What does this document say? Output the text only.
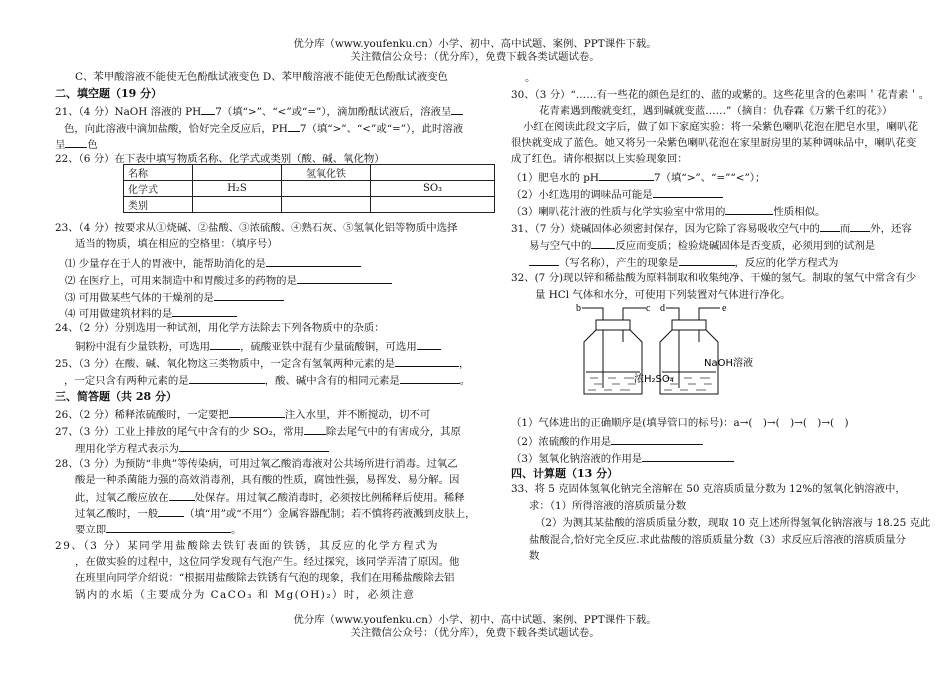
优分库（www.youfenku.cn）小学、初中、高中试题、案例、PPT课件下载。
关注微信公众号：（优分库），免费下载各类试题试卷。
C、苯甲酸溶液不能使无色酚酞试液变色 D、苯甲酸溶液不能使无色酚酞试液变色
二、填空题（19 分）
21、（4 分）NaOH 溶液的 PH 7（填“>”、“<”或“=”），滴加酚酞试液后，溶液呈
色，向此溶液中滴加盐酸，恰好完全反应后，PH 7（填“>”、“<”或“=”），此时溶液
呈 色
22、（6 分）在下表中填写物质名称、化学式或类别（酸、碱、氧化物）
名称		氢氧化铁	
化学式	H₂S		SO₃
类别			
23、（4 分）按要求从①烧碱、②盐酸、③浓硫酸、④熟石灰、⑤氢氧化铝等物质中选择
适当的物质，填在相应的空格里：（填序号）
⑴ 少量存在于人的胃液中，能帮助消化的是
⑵ 在医疗上，可用来制造中和胃酸过多的药物的是
⑶ 可用做某些气体的干燥剂的是
⑷ 可用做建筑材料的是
24、（2 分）分别选用一种试剂，用化学方法除去下列各物质中的杂质：
铜粉中混有少量铁粉，可选用	，硫酸亚铁中混有少量硫酸铜，可选用
25、（3 分）在酸、碱、氧化物这三类物质中，一定含有氢氧两种元素的是	，
，一定只含有两种元素的是	，酸、碱中含有的相同元素是	。
三、简答题（共 28 分）
26、（2 分）稀释浓硫酸时，一定要把	注入水里，并不断搅动，切不可
27、（3 分）工业上排放的尾气中含有的少 SO₂，常用 除去尾气中的有害成分，其原
理用化学方程式表示为
28、（3 分）为预防“非典”等传染病，可用过氧乙酸消毒液对公共场所进行消毒。过氧乙
酸是一种杀菌能力强的高效消毒剂，具有酸的性质，腐蚀性强，易挥发、易分解。因
此，过氧乙酸应放在	处保存。用过氧乙酸消毒时，必须按比例稀释后使用。稀释
过氧乙酸时，一般	（填“用”或“不用”）金属容器配制；若不慎将药液溅到皮肤上，
要立即	。
29、（3 分）某同学用盐酸除去铁钉表面的铁锈，其反应的化学方程式为
，在做实验的过程中，这位同学发现有气泡产生。经过探究，该同学弄清了原因。他
在班里向同学介绍说：“根据用盐酸除去铁锈有气泡的现象，我们在用稀盐酸除去铝
锅内的水垢（主要成分为 CaCO₃ 和 Mg(OH)₂）时，必须注意
。
30、（3 分）“……有一些花的颜色是红的、蓝的或紫的。这些花里含的色素叫＇花青素＇。
花青素遇到酸就变红，遇到碱就变蓝……”（摘自：仇春霖《万紫千红的花》）
小红在阅读此段文字后，做了如下家庭实验：将一朵紫色喇叭花泡在肥皂水里，喇叭花
很快就变成了蓝色。她又将另一朵紫色喇叭花泡在家里厨房里的某种调味品中，喇叭花变
成了红色。请你根据以上实验现象回：
（1）肥皂水的 pH	7（填“>”、“=”“<”）；
（2）小红选用的调味品可能是
（3）喇叭花汁液的性质与化学实验室中常用的	性质相似。
31、（7 分）烧碱固体必须密封保存，因为它除了容易吸收空气中的 而 外，还容
易与空气中的 反应而变质；检验烧碱固体是否变质，必须用到的试剂是
（写名称），产生的现象是	，反应的化学方程式为
32、(7 分)现以锌和稀盐酸为原料制取和收集纯净、干燥的氢气。制取的氢气中常含有少
量 HCl 气体和水分，可使用下列装置对气体进行净化。
b	c d	e
浓H₂SO₄
NaOH溶液
（1）气体进出的正确顺序是(填导管口的标号)：a→(　)→(　)→(　)→(　)
（2）浓硫酸的作用是
（3）氢氧化钠溶液的作用是
四、计算题（13 分）
33、将 5 克固体氢氧化钠完全溶解在 50 克溶质质量分数为 12%的氢氧化钠溶液中，
求：（1）所得溶液的溶质质量分数
（2）为测其某盐酸的溶质质量分数，现取 10 克上述所得氢氧化钠溶液与 18.25 克此
盐酸混合,恰好完全反应.求此盐酸的溶质质量分数（3）求反应后溶液的溶质质量分
数
优分库（www.youfenku.cn）小学、初中、高中试题、案例、PPT课件下载。
关注微信公众号：（优分库），免费下载各类试题试卷。
